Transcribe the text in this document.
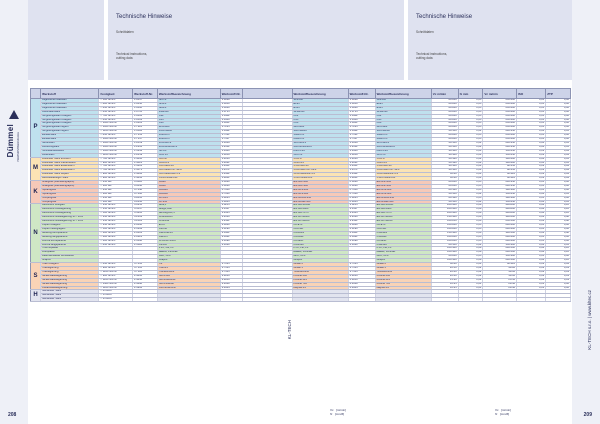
Technische Hinweise
Schnittdaten
Technical instructions,
cutting data
Technische Hinweise
Schnittdaten
Technical instructions,
cutting data
Dümmel PRÄZISIONSWERKZEUGE
	Werkstoff	Festigkeit	Werkstoff-Nr.	Werkstoffbezeichnung	Werkstoff-Nr.		Werkstoffbezeichnung	Werkstoff-Nr.	Werkstoffbezeichnung	Vc m/min	fz mm	Vc m/min	ISO	ZTP
P	Allgemeiner Baustahl	< 500 N/mm²	1.0037	St37-2	1.0038		S235JR	1.0038	S235JR	80-200	0,05	250-400	0,05	0,06
	Allgemeiner Baustahl	< 800 N/mm²	1.0050	St50-2	1.0050		E295	1.0050	E295	80-200	0,05	250-400	0,05	0,06
	Allgemeiner Baustahl	< 850 N/mm²	1.0060	St60-2	1.0060		E335	1.0060	E335	80-200	0,05	250-400	0,05	0,06
	Automatenstahl	< 850 N/mm²	1.0715	9SMn28	1.0715		11SMn30	1.0715	11SMn30	80-200	0,05	250-400	0,05	0,06
	Vergütungsstahl unlegiert	< 700 N/mm²	1.0402	C22	1.0402		C22	1.0402	C22	80-200	0,05	250-400	0,05	0,06
	Vergütungsstahl unlegiert	< 850 N/mm²	1.0503	C45	1.0503		C45	1.0503	C45	80-200	0,05	250-400	0,05	0,06
	Vergütungsstahl unlegiert	< 1000 N/mm²	1.0601	C60	1.0601		C60	1.0601	C60	80-200	0,05	250-400	0,05	0,06
	Vergütungsstahl legiert	< 1000 N/mm²	1.7225	42CrMo4	1.7225		42CrMo4	1.7225	42CrMo4	80-200	0,05	250-400	0,05	0,06
	Vergütungsstahl legiert	< 1200 N/mm²	1.6582	34CrNiMo6	1.6582		34CrNiMo6	1.6582	34CrNiMo6	60-150	0,04	200-350	0,04	0,05
	Einsatzstahl	< 850 N/mm²	1.7131	16MnCr5	1.7131		16MnCr5	1.7131	16MnCr5	80-200	0,05	250-400	0,05	0,06
	Einsatzstahl	< 1000 N/mm²	1.7147	20MnCr5	1.7147		20MnCr5	1.7147	20MnCr5	80-200	0,05	250-400	0,05	0,06
	Nitrierstahl	< 1000 N/mm²	1.8519	31CrMoV9	1.8519		31CrMoV9	1.8519	31CrMoV9	60-150	0,04	200-350	0,04	0,05
	Werkzeugstahl	< 1000 N/mm²	1.2312	40CrMnMoS8-6	1.2312		40CrMnMoS8-6	1.2312	40CrMnMoS8-6	60-150	0,04	200-350	0,04	0,05
	Schnellarbeitsstahl	< 1000 N/mm²	1.3343	S6-5-2	1.3343		HS6-5-2C	1.3343	HS6-5-2C	40-100	0,03	150-250	0,03	0,04
	Federstahl	< 1200 N/mm²	1.8159	50CrV4	1.8159		51CrV4	1.8159	51CrV4	40-100	0,03	150-250	0,03	0,04
M	Rostfreier Stahl ferritisch	< 700 N/mm²	1.4016	X6Cr17	1.4016		X6Cr17	1.4016	X6Cr17	60-120	0,04	100-200	0,04	0,05
	Rostfreier Stahl martensitisch	< 900 N/mm²	1.4021	X20Cr13	1.4021		X20Cr13	1.4021	X20Cr13	60-120	0,04	100-200	0,04	0,05
	Rostfreier Stahl austenitisch	< 700 N/mm²	1.4301	X5CrNi18-10	1.4301		X5CrNi18-10	1.4301	X5CrNi18-10	40-100	0,03	80-150	0,03	0,04
	Rostfreier Stahl austenitisch	< 700 N/mm²	1.4571	X6CrNiMoTi17-12-2	1.4571		X6CrNiMoTi17-12-2	1.4571	X6CrNiMoTi17-12-2	40-100	0,03	80-150	0,03	0,04
	Rostfreier Stahl Duplex	< 900 N/mm²	1.4462	X2CrNiMoN22-5-3	1.4462		X2CrNiMoN22-5-3	1.4462	X2CrNiMoN22-5-3	30-80	0,03	60-120	0,03	0,04
	Hitzebeständiger Stahl	< 900 N/mm²	1.4841	X15CrNiSi25-21	1.4841		X15CrNiSi25-21	1.4841	X15CrNiSi25-21	30-80	0,03	60-120	0,03	0,04
K	Grauguss (Lamellengraphit)	< 250 HB	0.6020	GG20	0.6020		EN-GJL-200	0.6020	EN-GJL-200	80-200	0,05	200-350	0,05	0,06
	Grauguss (Lamellengraphit)	< 300 HB	0.6030	GG30	0.6030		EN-GJL-300	0.6030	EN-GJL-300	80-200	0,05	200-350	0,05	0,06
	Sphäroguss	< 250 HB	0.7040	GGG40	0.7040		EN-GJS-400	0.7040	EN-GJS-400	80-160	0,05	180-300	0,05	0,06
	Sphäroguss	< 300 HB	0.7060	GGG60	0.7060		EN-GJS-600	0.7060	EN-GJS-600	60-150	0,04	150-250	0,04	0,05
	Temperguss	< 250 HB	0.8035	GTW35	0.8035		EN-GJMW-350	0.8035	EN-GJMW-350	80-160	0,05	180-300	0,05	0,06
	Temperguss	< 300 HB	0.8145	GTS45	0.8145		EN-GJMB-450	0.8145	EN-GJMB-450	60-150	0,04	150-250	0,04	0,05
N	Aluminium unlegiert	< 350 N/mm²	3.0255	Al99,5	3.0255		EN AW-1050A	3.0255	EN AW-1050A	200-400	0,08	400-800	0,08	0,10
	Aluminium-Knetlegierung	< 350 N/mm²	3.3547	AlMg4,5Mn	3.3547		EN AW-5083	3.3547	EN AW-5083	200-400	0,08	400-800	0,08	0,10
	Aluminium-Knetlegierung	< 500 N/mm²	3.4365	AlZnMgCu1,5	3.4365		EN AW-7075	3.4365	EN AW-7075	200-400	0,08	400-800	0,08	0,10
	Aluminium-Gusslegierung Si < 10%	< 350 N/mm²	3.2163	G-AlSi9Cu3	3.2163		EN AC-46000	3.2163	EN AC-46000	150-300	0,06	300-600	0,06	0,08
	Aluminium-Gusslegierung Si > 10%	< 350 N/mm²	3.2581	G-AlSi12	3.2581		EN AC-44100	3.2581	EN AC-44100	100-250	0,06	250-500	0,06	0,08
	Kupfer unlegiert	< 350 N/mm²	2.0060	E-Cu	2.0060		Cu-ETP	2.0060	Cu-ETP	100-200	0,05	200-400	0,05	0,06
	Kupfer niedriglegiert	< 500 N/mm²	2.1293	CuCrZr	2.1293		CuCr1Zr	2.1293	CuCr1Zr	100-200	0,05	200-400	0,05	0,06
	Messing kurzspanend	< 600 N/mm²	2.0401	CuZn39Pb3	2.0401		CW614N	2.0401	CW614N	150-300	0,06	300-500	0,06	0,08
	Messing langspanend	< 600 N/mm²	2.0321	CuZn37	2.0321		CW508L	2.0321	CW508L	100-200	0,05	200-400	0,05	0,06
	Bronze kurzspanend	< 600 N/mm²	2.1090	G-CuSn7ZnPb	2.1090		CC493K	2.1090	CC493K	100-200	0,05	200-400	0,05	0,06
	Bronze langspanend	< 850 N/mm²	2.1020	CuSn6	2.1020		CW452K	2.1020	CW452K	80-150	0,04	150-300	0,04	0,05
	Thermoplaste			PVC, PE, PP			PVC, PE, PP		PVC, PE, PP	100-300	0,08	200-500	0,08	0,10
	Duroplaste			Bakelit, Pertinax			Bakelit, Pertinax		Bakelit, Pertinax	100-300	0,08	200-500	0,08	0,10
	Faserverstärkte Kunststoffe			GFK, CFK			GFK, CFK		GFK, CFK	80-200	0,05	150-300	0,05	0,06
	Graphit			Graphit			Graphit		Graphit	100-300	0,08	200-500	0,08	0,10
S	Titan unlegiert	< 450 N/mm²	3.7035	Ti2	3.7035		Grade 2	3.7035	Grade 2	40-80	0,03	60-120	0,03	0,04
	Titanlegierung	< 900 N/mm²	3.7165	TiAl6V4	3.7165		Grade 5	3.7165	Grade 5	20-50	0,02	40-80	0,02	0,03
	Titanlegierung	< 1200 N/mm²	3.7185	TiAl4Mo4Sn2	3.7185		TiAl4Mo4Sn2	3.7185	TiAl4Mo4Sn2	20-40	0,02	30-60	0,02	0,03
	Nickel-Basislegierung	< 900 N/mm²	2.4816	NiCr15Fe	2.4816		Inconel 600	2.4816	Inconel 600	20-40	0,02	30-60	0,02	0,03
	Nickel-Basislegierung	< 1200 N/mm²	2.4856	NiCr22Mo9Nb	2.4856		Inconel 625	2.4856	Inconel 625	15-30	0,02	25-50	0,02	0,03
	Nickel-Basislegierung	< 1400 N/mm²	2.4668	NiCr19NbMo	2.4668		Inconel 718	2.4668	Inconel 718	10-25	0,01	20-40	0,01	0,02
	Kobalt-Basislegierung	< 1200 N/mm²	2.4964	CoCr20W15Ni	2.4964		Haynes 25	2.4964	Haynes 25	10-25	0,01	20-40	0,01	0,02
H	Gehärteter Stahl	< 45 HRC												
	Gehärteter Stahl	< 55 HRC												
	Gehärteter Stahl	< 65 HRC												
KL-TECH
Vc [m/min]
fz [mm/Z]
Vc [m/min]
fz [mm/Z]
KL-TECH s.r.o. | www.kltec.cz
208	209
